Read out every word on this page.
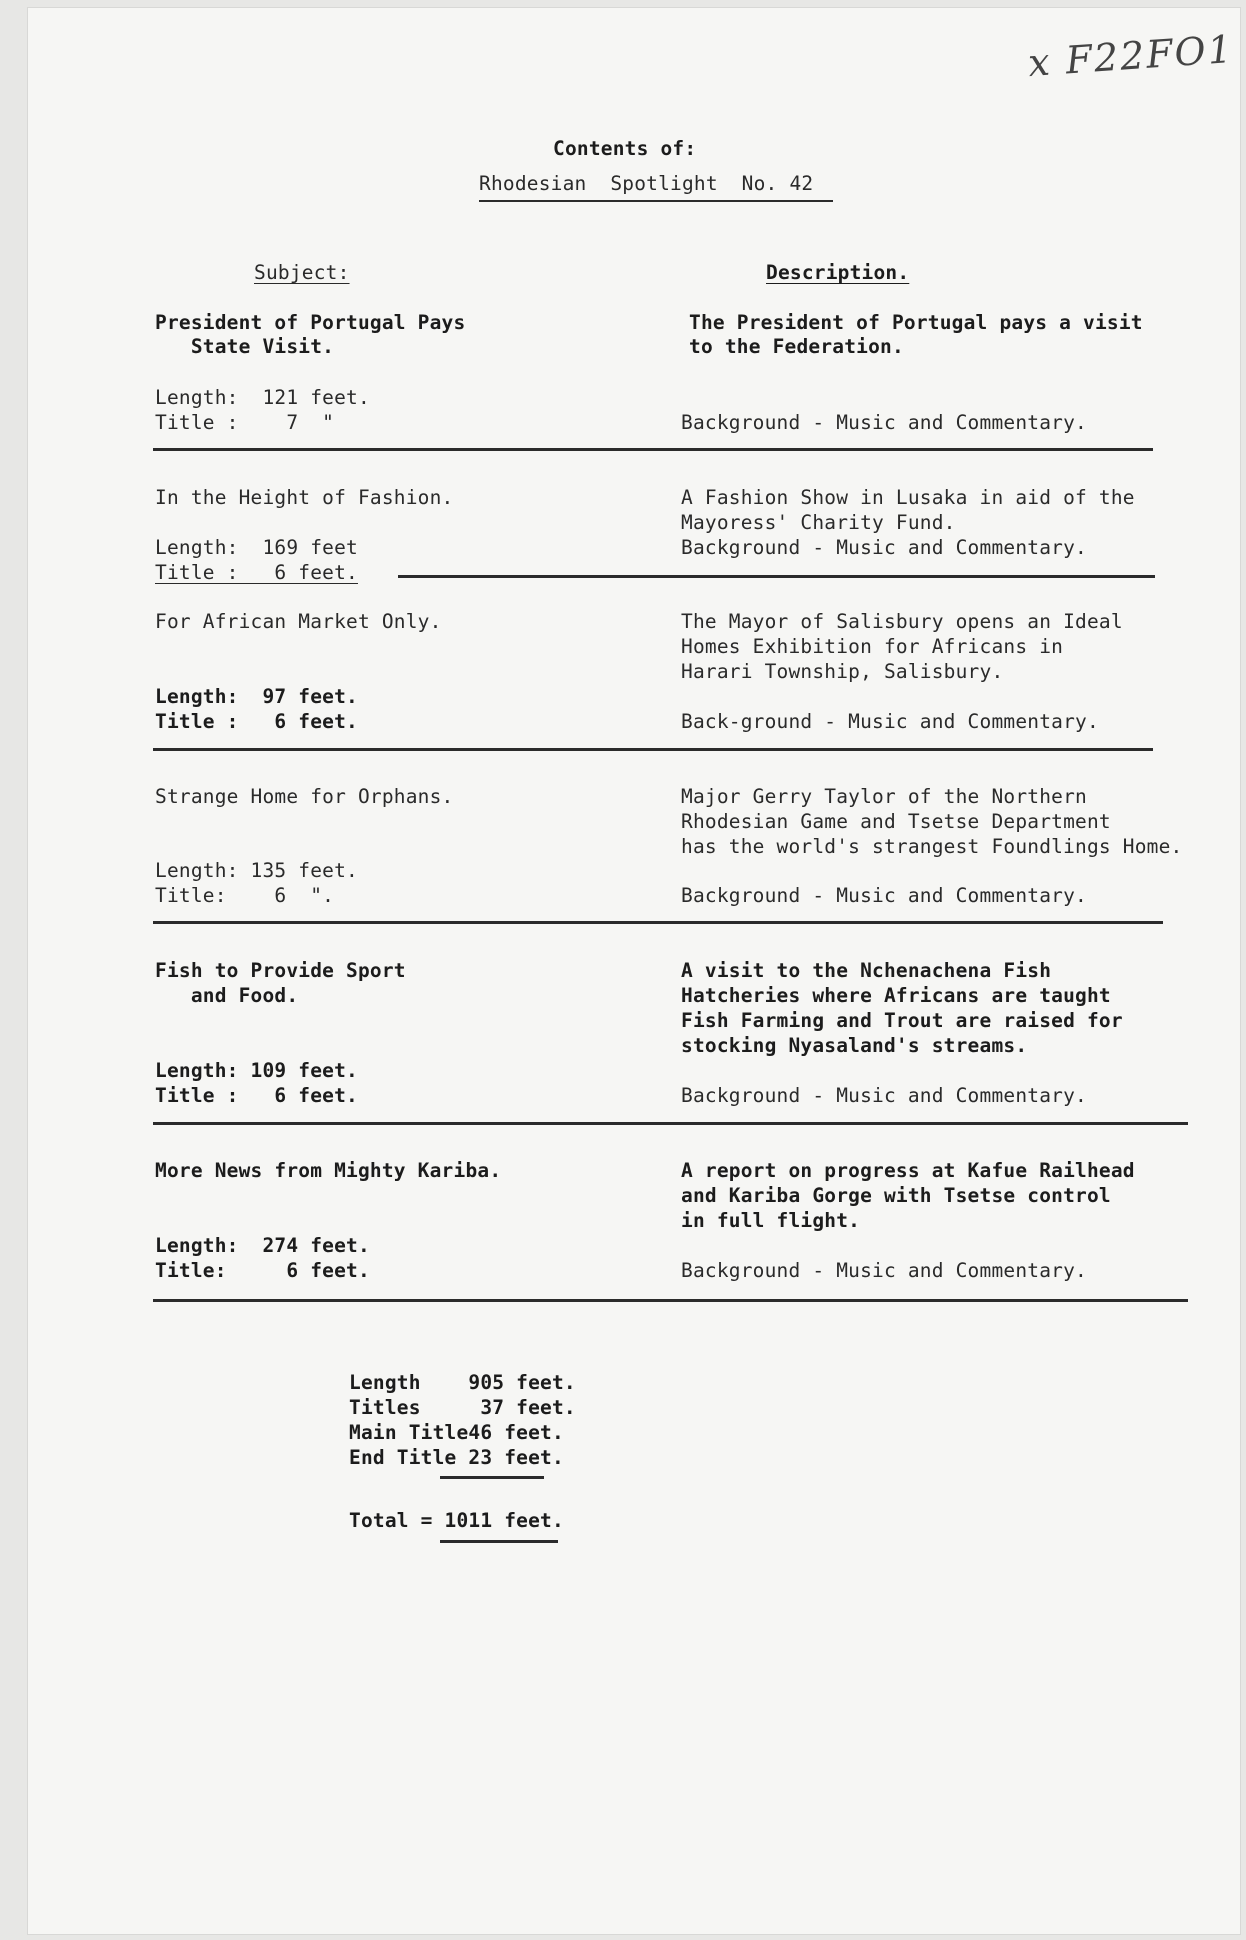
x F22FO1
Contents of:
Rhodesian  Spotlight  No. 42
Subject:	Description.
President of Portugal Pays
State Visit.
Length:  121 feet.
Title :    7  "
The President of Portugal pays a visit
to the Federation.
Background - Music and Commentary.
In the Height of Fashion.
Length:  169 feet
Title :   6 feet.
A Fashion Show in Lusaka in aid of the
Mayoress' Charity Fund.
Background - Music and Commentary.
For African Market Only.
Length:  97 feet.
Title :   6 feet.
The Mayor of Salisbury opens an Ideal
Homes Exhibition for Africans in
Harari Township, Salisbury.
Back-ground - Music and Commentary.
Strange Home for Orphans.
Length: 135 feet.
Title:    6  ".
Major Gerry Taylor of the Northern
Rhodesian Game and Tsetse Department
has the world's strangest Foundlings Home.
Background - Music and Commentary.
Fish to Provide Sport
and Food.
Length: 109 feet.
Title :   6 feet.
A visit to the Nchenachena Fish
Hatcheries where Africans are taught
Fish Farming and Trout are raised for
stocking Nyasaland's streams.
Background - Music and Commentary.
More News from Mighty Kariba.
Length:  274 feet.
Title:     6 feet.
A report on progress at Kafue Railhead
and Kariba Gorge with Tsetse control
in full flight.
Background - Music and Commentary.
Length    905 feet.
Titles     37 feet.
Main Title46 feet.
End Title 23 feet.
Total = 1011 feet.
